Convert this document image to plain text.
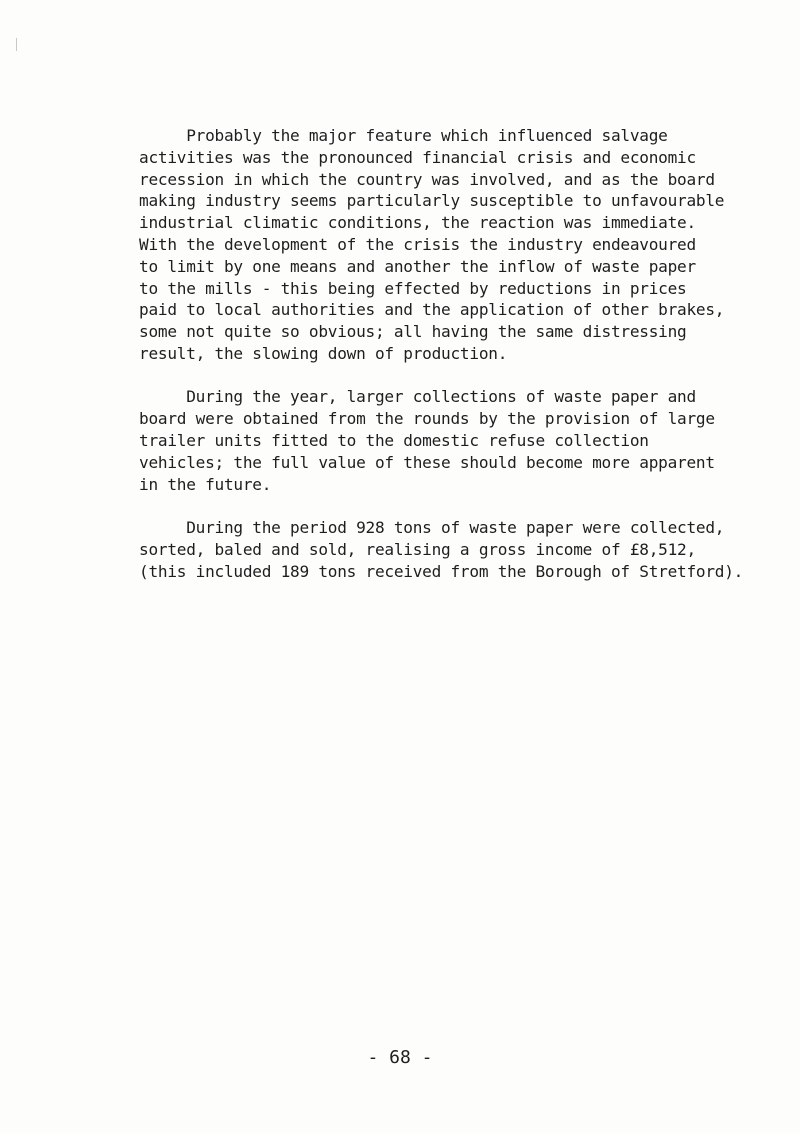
Probably the major feature which influenced salvage
activities was the pronounced financial crisis and economic
recession in which the country was involved, and as the board
making industry seems particularly susceptible to unfavourable
industrial climatic conditions, the reaction was immediate.
With the development of the crisis the industry endeavoured
to limit by one means and another the inflow of waste paper
to the mills - this being effected by reductions in prices
paid to local authorities and the application of other brakes,
some not quite so obvious; all having the same distressing
result, the slowing down of production.
During the year, larger collections of waste paper and
board were obtained from the rounds by the provision of large
trailer units fitted to the domestic refuse collection
vehicles; the full value of these should become more apparent
in the future.
During the period 928 tons of waste paper were collected,
sorted, baled and sold, realising a gross income of £8,512,
(this included 189 tons received from the Borough of Stretford).
- 68 -
